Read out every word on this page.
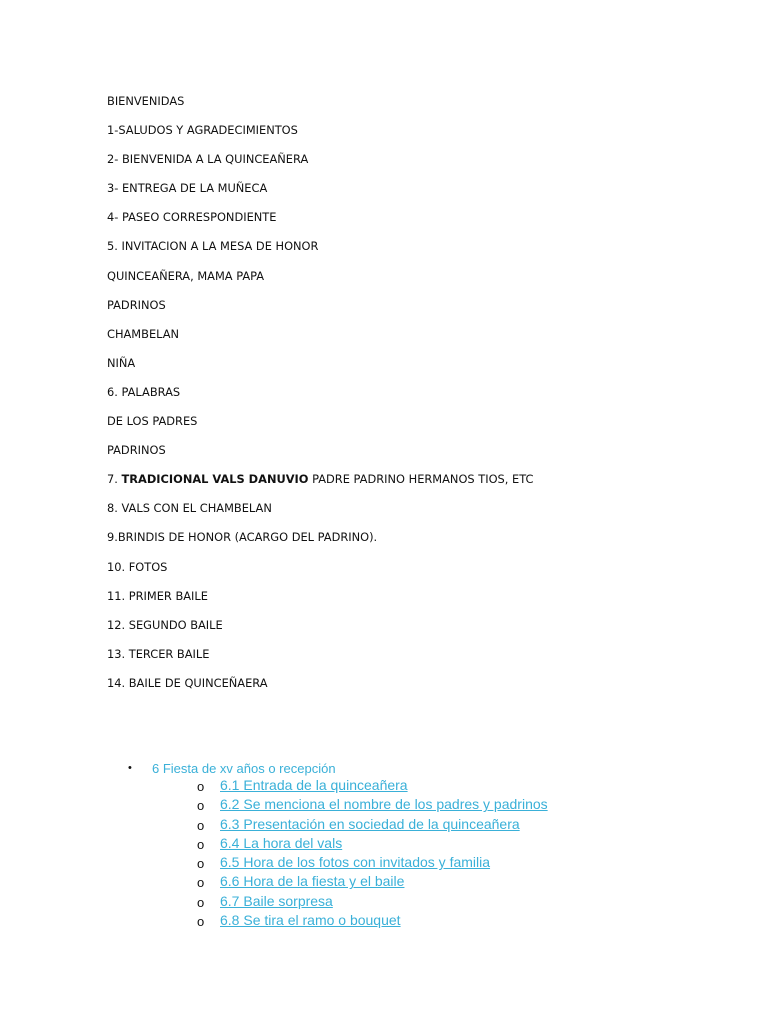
BIENVENIDAS
1-SALUDOS Y AGRADECIMIENTOS
2- BIENVENIDA A LA QUINCEAÑERA
3- ENTREGA DE LA MUÑECA
4- PASEO CORRESPONDIENTE
5. INVITACION A LA MESA DE HONOR
QUINCEAÑERA, MAMA PAPA
PADRINOS
CHAMBELAN
NIÑA
6. PALABRAS
DE LOS PADRES
PADRINOS
7. TRADICIONAL VALS DANUVIO PADRE PADRINO HERMANOS TIOS, ETC
8. VALS CON EL CHAMBELAN
9.BRINDIS DE HONOR (ACARGO DEL PADRINO).
10. FOTOS
11. PRIMER BAILE
12. SEGUNDO BAILE
13. TERCER BAILE
14. BAILE DE QUINCEÑAERA
• 6 Fiesta de xv años o recepción
o 6.1 Entrada de la quinceañera
o 6.2 Se menciona el nombre de los padres y padrinos
o 6.3 Presentación en sociedad de la quinceañera
o 6.4 La hora del vals
o 6.5 Hora de los fotos con invitados y familia
o 6.6 Hora de la fiesta y el baile
o 6.7 Baile sorpresa
o 6.8 Se tira el ramo o bouquet
